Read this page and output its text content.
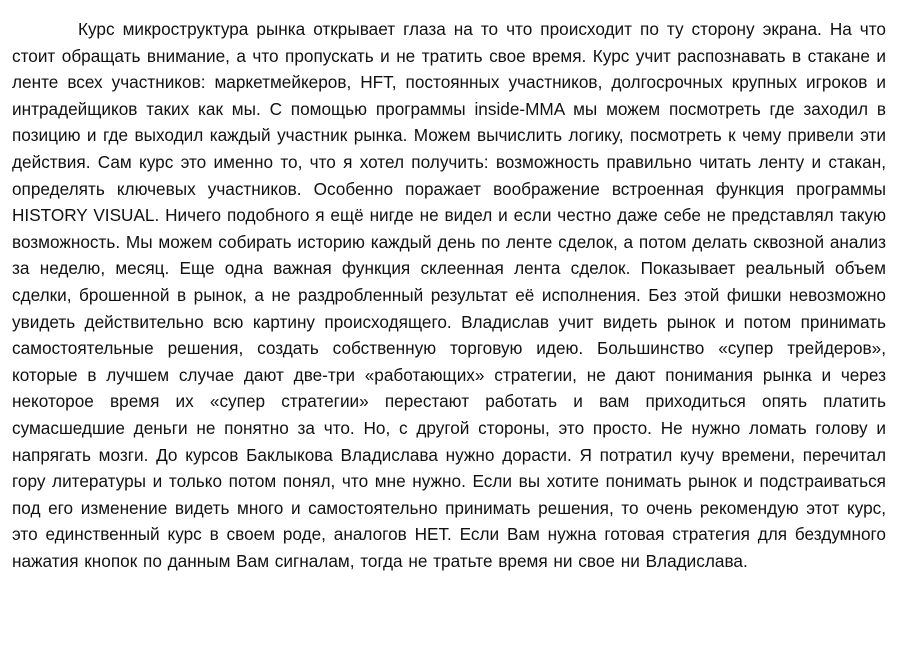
Курс микроструктура рынка открывает глаза на то что происходит по ту сторону экрана. На что стоит обращать внимание, а что пропускать и не тратить свое время. Курс учит распознавать в стакане и ленте всех участников: маркетмейкеров, HFT, постоянных участников, долгосрочных крупных игроков и интрадейщиков таких как мы. С помощью программы inside-MMA мы можем посмотреть где заходил в позицию и где выходил каждый участник рынка. Можем вычислить логику, посмотреть к чему привели эти действия. Сам курс это именно то, что я хотел получить: возможность правильно читать ленту и стакан, определять ключевых участников. Особенно поражает воображение встроенная функция программы HISTORY VISUAL. Ничего подобного я ещё нигде не видел и если честно даже себе не представлял такую возможность. Мы можем собирать историю каждый день по ленте сделок, а потом делать сквозной анализ за неделю, месяц. Еще одна важная функция склеенная лента сделок. Показывает реальный объем сделки, брошенной в рынок, а не раздробленный результат её исполнения. Без этой фишки невозможно увидеть действительно всю картину происходящего. Владислав учит видеть рынок и потом принимать самостоятельные решения, создать собственную торговую идею. Большинство «супер трейдеров», которые в лучшем случае дают две-три «работающих» стратегии, не дают понимания рынка и через некоторое время их «супер стратегии» перестают работать и вам приходиться опять платить сумасшедшие деньги не понятно за что. Но, с другой стороны, это просто. Не нужно ломать голову и напрягать мозги. До курсов Баклыкова Владислава нужно дорасти. Я потратил кучу времени, перечитал гору литературы и только потом понял, что мне нужно. Если вы хотите понимать рынок и подстраиваться под его изменение видеть много и самостоятельно принимать решения, то очень рекомендую этот курс, это единственный курс в своем роде, аналогов НЕТ. Если Вам нужна готовая стратегия для бездумного нажатия кнопок по данным Вам сигналам, тогда не тратьте время ни свое ни Владислава.
